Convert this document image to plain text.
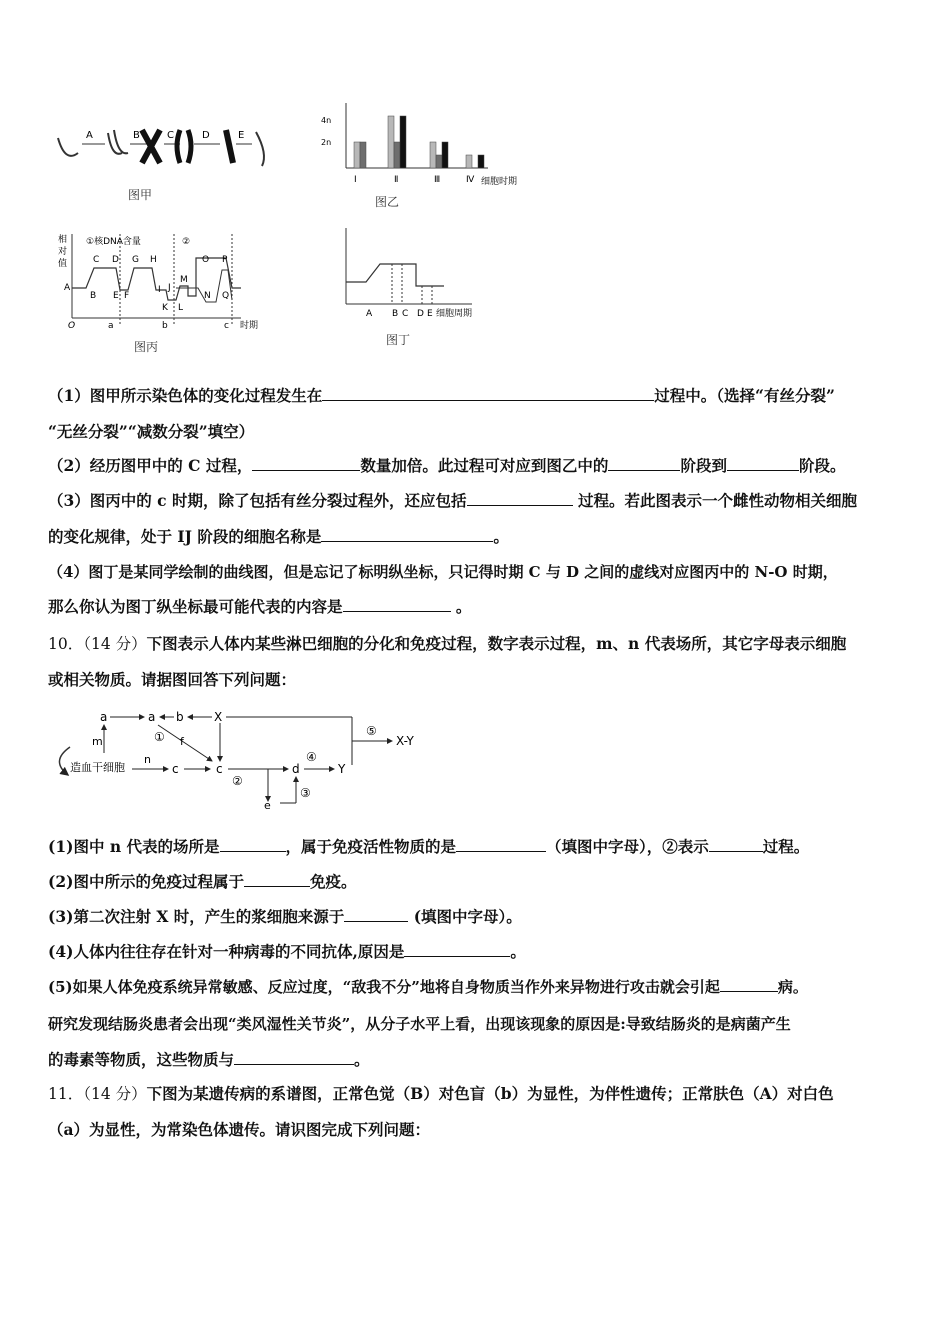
A	B	C	D	E
图甲
4n
2n
Ⅰ	Ⅱ	Ⅲ	Ⅳ 细胞时期
图乙
相
对
值
①核DNA含量	②
A
B
C D
E F
G H
I J
K L
M
O P
N Q
O	a	b	c 时期
图丙
A B C D E 细胞周期
图丁
（1）图甲所示染色体的变化过程发生在	过程中。（选择“有丝分裂”
“无丝分裂”“减数分裂”填空）
（2）经历图甲中的 C 过程，	数量加倍。此过程可对应到图乙中的	阶段到	阶段。
（3）图丙中的 c 时期，除了包括有丝分裂过程外，还应包括	过程。若此图表示一个雌性动物相关细胞
的变化规律，处于 IJ 阶段的细胞名称是	。
（4）图丁是某同学绘制的曲线图，但是忘记了标明纵坐标，只记得时期 C 与 D 之间的虚线对应图丙中的 N-O 时期，
那么你认为图丁纵坐标最可能代表的内容是	。
10．（14 分）下图表示人体内某些淋巴细胞的分化和免疫过程，数字表示过程，m、n 代表场所，其它字母表示细胞
或相关物质。请据图回答下列问题：
造血干细胞
a	a b	X
m
⑤
X-Y
① f
n
c	c
②
e
d
③
④
Y
(1)图中 n 代表的场所是	，属于免疫活性物质的是	（填图中字母），②表示	过程。
(2)图中所示的免疫过程属于	免疫。
(3)第二次注射 X 时，产生的浆细胞来源于	(填图中字母）。
(4)人体内往往存在针对一种病毒的不同抗体,原因是	。
(5)如果人体免疫系统异常敏感、反应过度，“敌我不分”地将自身物质当作外来异物进行攻击就会引起	病。
研究发现结肠炎患者会出现“类风湿性关节炎”，从分子水平上看，出现该现象的原因是:导致结肠炎的是病菌产生
的毒素等物质，这些物质与	。
11．（14 分）下图为某遗传病的系谱图，正常色觉（B）对色盲（b）为显性，为伴性遗传；正常肤色（A）对白色
（a）为显性，为常染色体遗传。请识图完成下列问题：
